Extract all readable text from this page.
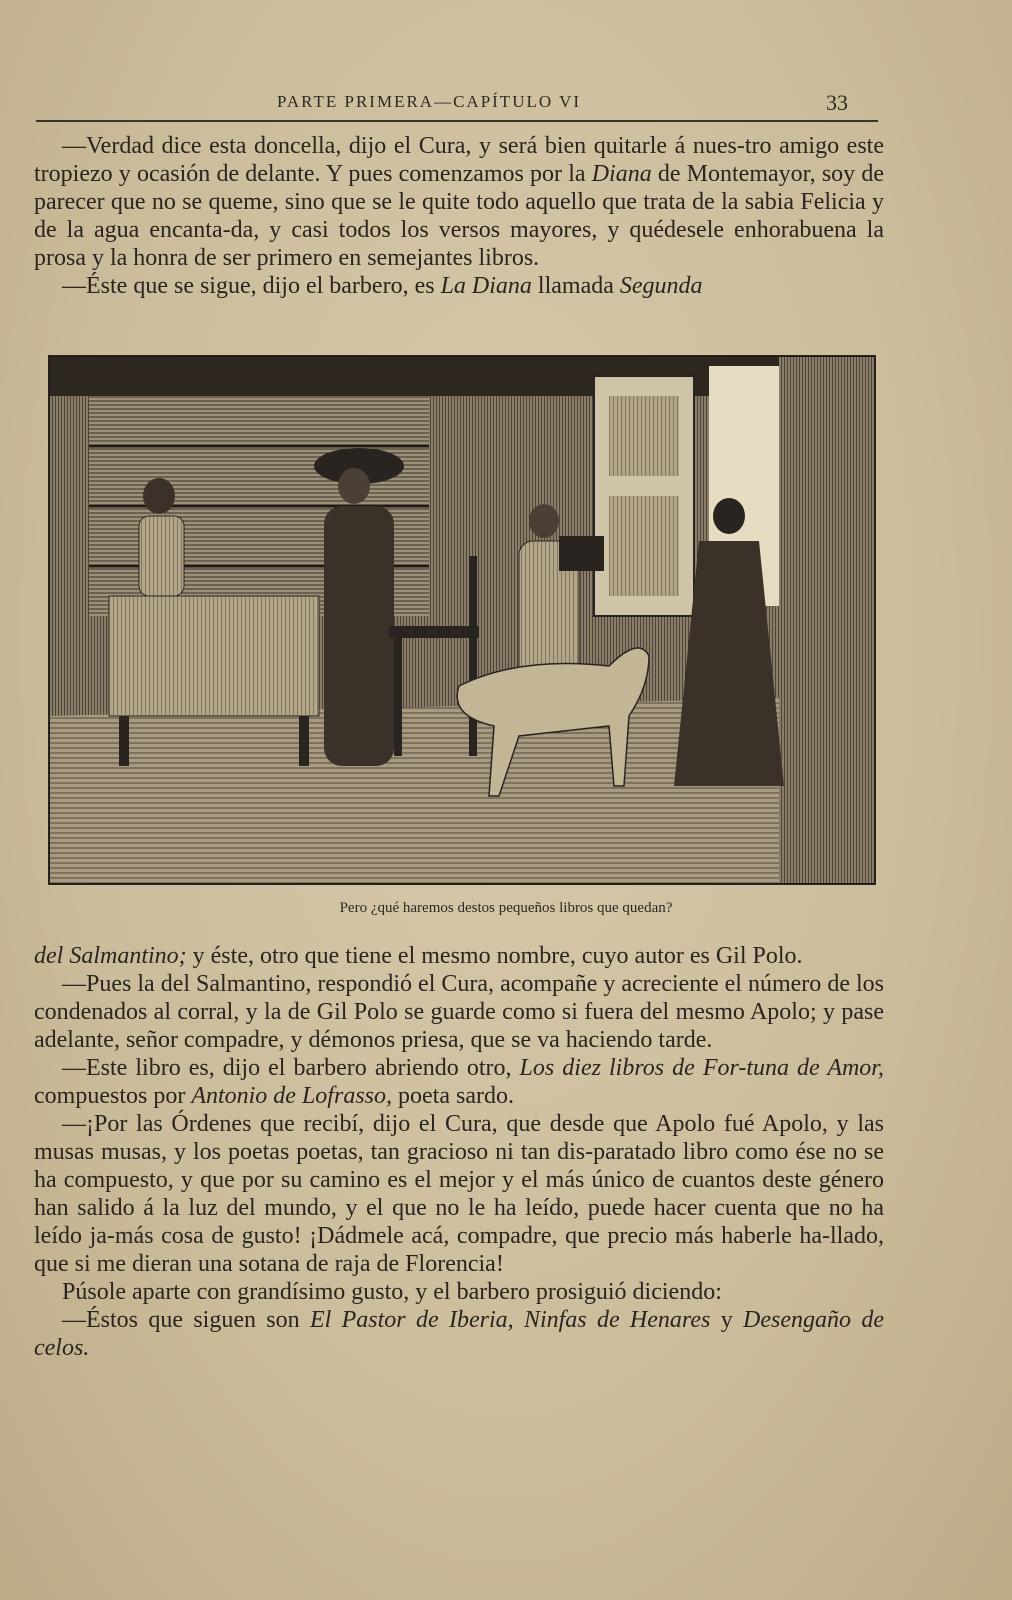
PARTE PRIMERA—CAPÍTULO VI	33

—Verdad dice esta doncella, dijo el Cura, y será bien quitarle á nues-tro amigo este tropiezo y ocasión de delante. Y pues comenzamos por la Diana de Montemayor, soy de parecer que no se queme, sino que se le quite todo aquello que trata de la sabia Felicia y de la agua encanta-da, y casi todos los versos mayores, y quédesele enhorabuena la prosa y la honra de ser primero en semejantes libros.

—Éste que se sigue, dijo el barbero, es La Diana llamada Segunda

Pero ¿qué haremos destos pequeños libros que quedan?

del Salmantino; y éste, otro que tiene el mesmo nombre, cuyo autor es Gil Polo.

—Pues la del Salmantino, respondió el Cura, acompañe y acreciente el número de los condenados al corral, y la de Gil Polo se guarde como si fuera del mesmo Apolo; y pase adelante, señor compadre, y démonos priesa, que se va haciendo tarde.

—Este libro es, dijo el barbero abriendo otro, Los diez libros de For-tuna de Amor, compuestos por Antonio de Lofrasso, poeta sardo.

—¡Por las Órdenes que recibí, dijo el Cura, que desde que Apolo fué Apolo, y las musas musas, y los poetas poetas, tan gracioso ni tan dis-paratado libro como ése no se ha compuesto, y que por su camino es el mejor y el más único de cuantos deste género han salido á la luz del mundo, y el que no le ha leído, puede hacer cuenta que no ha leído ja-más cosa de gusto! ¡Dádmele acá, compadre, que precio más haberle ha-llado, que si me dieran una sotana de raja de Florencia!

Púsole aparte con grandísimo gusto, y el barbero prosiguió diciendo:

—Éstos que siguen son El Pastor de Iberia, Ninfas de Henares y Desengaño de celos.
